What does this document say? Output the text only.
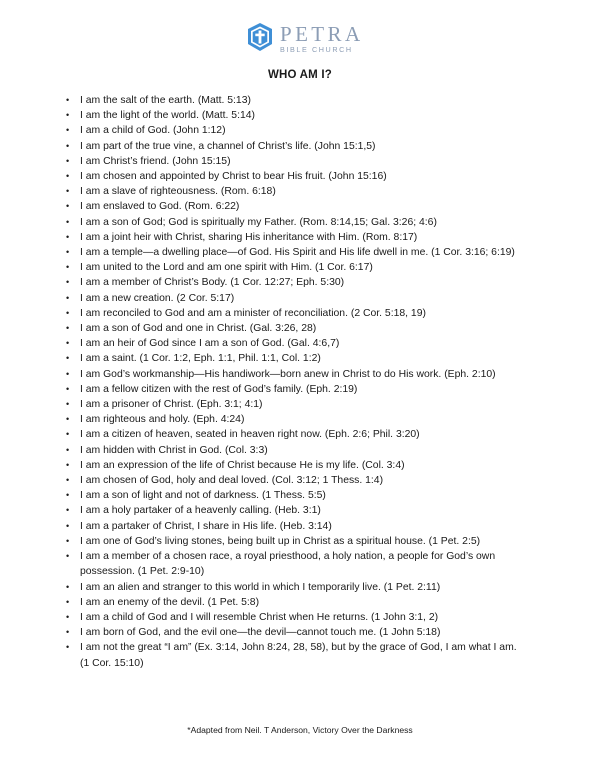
PETRA
BIBLE CHURCH
WHO AM I?
•	I am the salt of the earth. (Matt. 5:13)
•	I am the light of the world. (Matt. 5:14)
•	I am a child of God. (John 1:12)
•	I am part of the true vine, a channel of Christ’s life. (John 15:1,5)
•	I am Christ’s friend. (John 15:15)
•	I am chosen and appointed by Christ to bear His fruit. (John 15:16)
•	I am a slave of righteousness. (Rom. 6:18)
•	I am enslaved to God. (Rom. 6:22)
•	I am a son of God; God is spiritually my Father. (Rom. 8:14,15; Gal. 3:26; 4:6)
•	I am a joint heir with Christ, sharing His inheritance with Him. (Rom. 8:17)
•	I am a temple—a dwelling place—of God. His Spirit and His life dwell in me. (1 Cor. 3:16; 6:19)
•	I am united to the Lord and am one spirit with Him. (1 Cor. 6:17)
•	I am a member of Christ’s Body. (1 Cor. 12:27; Eph. 5:30)
•	I am a new creation. (2 Cor. 5:17)
•	I am reconciled to God and am a minister of reconciliation. (2 Cor. 5:18, 19)
•	I am a son of God and one in Christ. (Gal. 3:26, 28)
•	I am an heir of God since I am a son of God. (Gal. 4:6,7)
•	I am a saint. (1 Cor. 1:2, Eph. 1:1, Phil. 1:1, Col. 1:2)
•	I am God’s workmanship—His handiwork—born anew in Christ to do His work. (Eph. 2:10)
•	I am a fellow citizen with the rest of God’s family. (Eph. 2:19)
•	I am a prisoner of Christ. (Eph. 3:1; 4:1)
•	I am righteous and holy. (Eph. 4:24)
•	I am a citizen of heaven, seated in heaven right now. (Eph. 2:6; Phil. 3:20)
•	I am hidden with Christ in God. (Col. 3:3)
•	I am an expression of the life of Christ because He is my life. (Col. 3:4)
•	I am chosen of God, holy and deal loved. (Col. 3:12; 1 Thess. 1:4)
•	I am a son of light and not of darkness. (1 Thess. 5:5)
•	I am a holy partaker of a heavenly calling. (Heb. 3:1)
•	I am a partaker of Christ, I share in His life. (Heb. 3:14)
•	I am one of God’s living stones, being built up in Christ as a spiritual house. (1 Pet. 2:5)
•	I am a member of a chosen race, a royal priesthood, a holy nation, a people for God’s own possession. (1 Pet. 2:9-10)
•	I am an alien and stranger to this world in which I temporarily live. (1 Pet. 2:11)
•	I am an enemy of the devil. (1 Pet. 5:8)
•	I am a child of God and I will resemble Christ when He returns. (1 John 3:1, 2)
•	I am born of God, and the evil one—the devil—cannot touch me. (1 John 5:18)
•	I am not the great “I am” (Ex. 3:14, John 8:24, 28, 58), but by the grace of God, I am what I am. (1 Cor. 15:10)
*Adapted from Neil. T Anderson, Victory Over the Darkness
